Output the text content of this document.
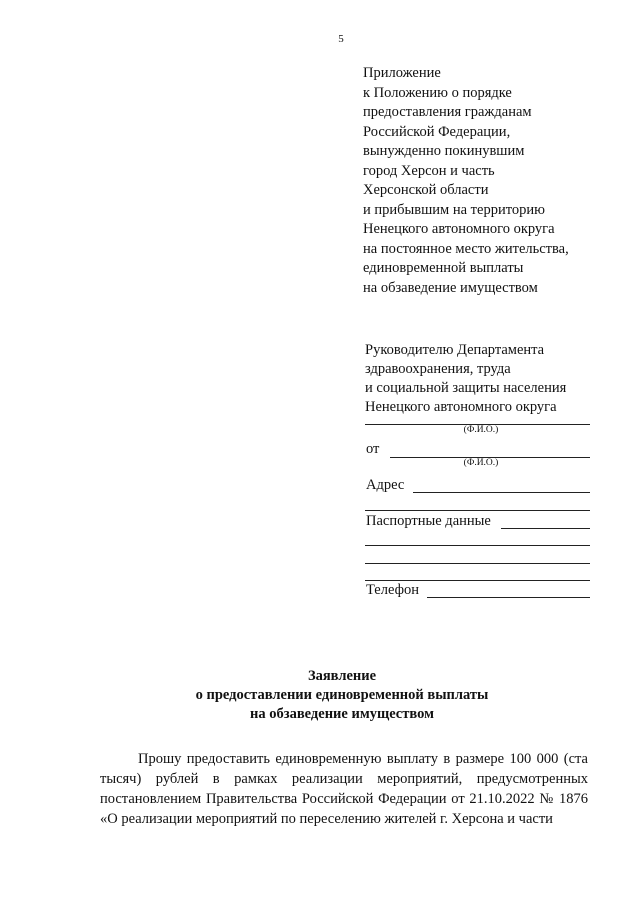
5
Приложение
к Положению о порядке
предоставления гражданам
Российской Федерации,
вынужденно покинувшим
город Херсон и часть
Херсонской области
и прибывшим на территорию
Ненецкого автономного округа
на постоянное место жительства,
единовременной выплаты
на обзаведение имуществом
Руководителю Департамента
здравоохранения, труда
и социальной защиты населения
Ненецкого автономного округа
(Ф.И.О.)
от
(Ф.И.О.)
Адрес
Паспортные данные
Телефон
Заявление
о предоставлении единовременной выплаты
на обзаведение имуществом
Прошу предоставить единовременную выплату в размере 100 000 (ста тысяч) рублей в рамках реализации мероприятий, предусмотренных постановлением Правительства Российской Федерации от 21.10.2022 № 1876 «О реализации мероприятий по переселению жителей г. Херсона и части
